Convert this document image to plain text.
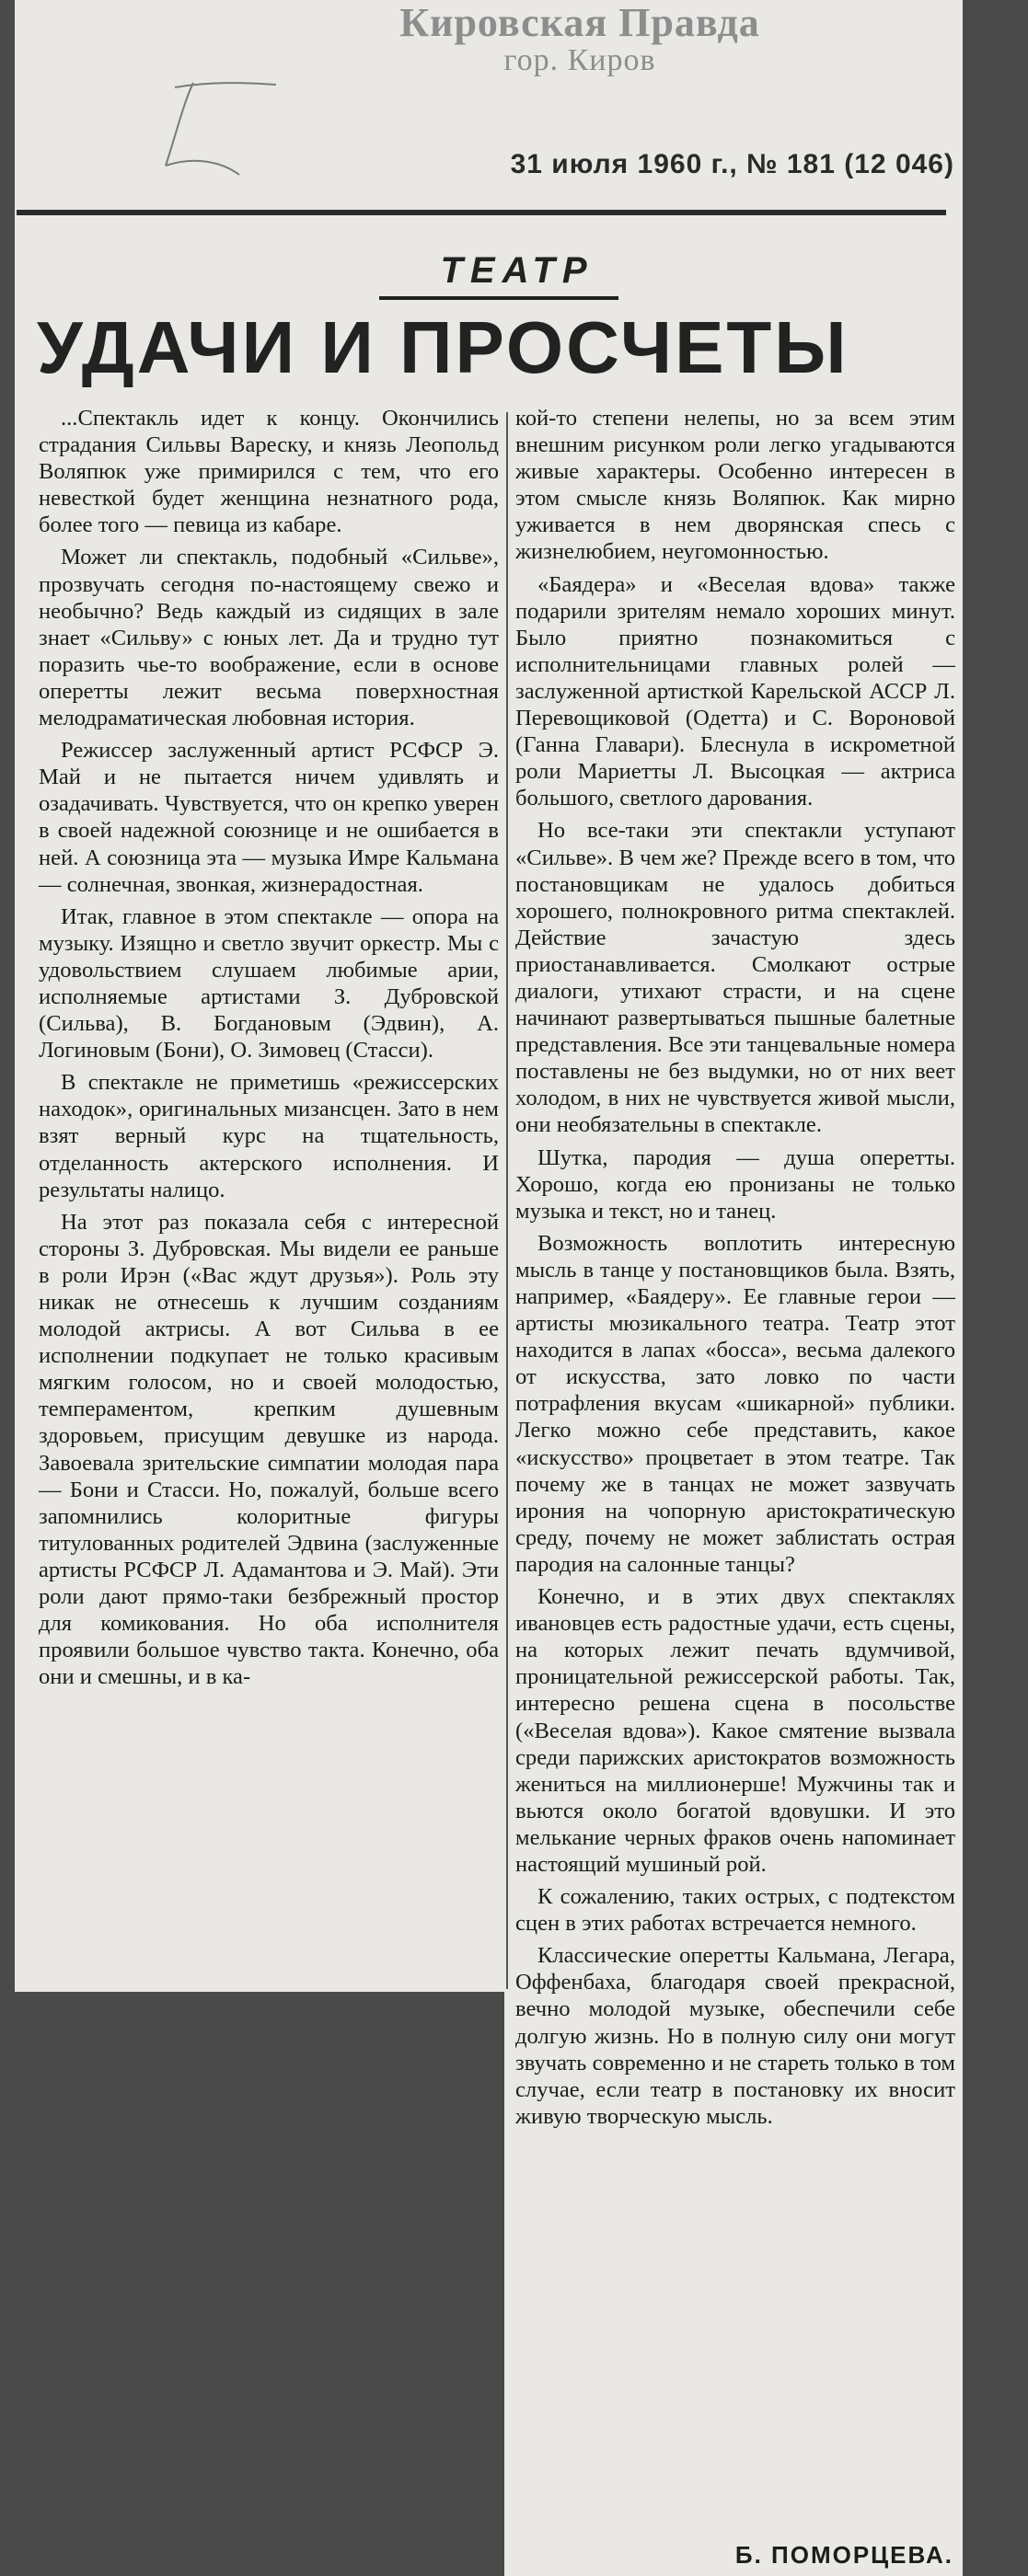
Кировская Правда
гор. Киров
31 июля 1960 г., № 181 (12 046)
ТЕАТР
УДАЧИ И ПРОСЧЕТЫ

...Спектакль идет к концу. Окончились страдания Сильвы Вареску, и князь Леопольд Воляпюк уже примирился с тем, что его невесткой будет женщина незнатного рода, более того — певица из кабаре.

Может ли спектакль, подобный «Сильве», прозвучать сегодня по-настоящему свежо и необычно? Ведь каждый из сидящих в зале знает «Сильву» с юных лет. Да и трудно тут поразить чье-то воображение, если в основе оперетты лежит весьма поверхностная мелодраматическая любовная история.

Режиссер заслуженный артист РСФСР Э. Май и не пытается ничем удивлять и озадачивать. Чувствуется, что он крепко уверен в своей надежной союзнице и не ошибается в ней. А союзница эта — музыка Имре Кальмана — солнечная, звонкая, жизнерадостная.

Итак, главное в этом спектакле — опора на музыку. Изящно и светло звучит оркестр. Мы с удовольствием слушаем любимые арии, исполняемые артистами З. Дубровской (Сильва), В. Богдановым (Эдвин), А. Логиновым (Бони), О. Зимовец (Стасси).

В спектакле не приметишь «режиссерских находок», оригинальных мизансцен. Зато в нем взят верный курс на тщательность, отделанность актерского исполнения. И результаты налицо.

На этот раз показала себя с интересной стороны З. Дубровская. Мы видели ее раньше в роли Ирэн («Вас ждут друзья»). Роль эту никак не отнесешь к лучшим созданиям молодой актрисы. А вот Сильва в ее исполнении подкупает не только красивым мягким голосом, но и своей молодостью, темпераментом, крепким душевным здоровьем, присущим девушке из народа. Завоевала зрительские симпатии молодая пара — Бони и Стасси. Но, пожалуй, больше всего запомнились колоритные фигуры титулованных родителей Эдвина (заслуженные артисты РСФСР Л. Адамантова и Э. Май). Эти роли дают прямо-таки безбрежный простор для комикования. Но оба исполнителя проявили большое чувство такта. Конечно, оба они и смешны, и в ка-

кой-то степени нелепы, но за всем этим внешним рисунком роли легко угадываются живые характеры. Особенно интересен в этом смысле князь Воляпюк. Как мирно уживается в нем дворянская спесь с жизнелюбием, неугомонностью.

«Баядера» и «Веселая вдова» также подарили зрителям немало хороших минут. Было приятно познакомиться с исполнительницами главных ролей — заслуженной артисткой Карельской АССР Л. Перевощиковой (Одетта) и С. Вороновой (Ганна Главари). Блеснула в искрометной роли Мариетты Л. Высоцкая — актриса большого, светлого дарования.

Но все-таки эти спектакли уступают «Сильве». В чем же? Прежде всего в том, что постановщикам не удалось добиться хорошего, полнокровного ритма спектаклей. Действие зачастую здесь приостанавливается. Смолкают острые диалоги, утихают страсти, и на сцене начинают развертываться пышные балетные представления. Все эти танцевальные номера поставлены не без выдумки, но от них веет холодом, в них не чувствуется живой мысли, они необязательны в спектакле.

Шутка, пародия — душа оперетты. Хорошо, когда ею пронизаны не только музыка и текст, но и танец.

Возможность воплотить интересную мысль в танце у постановщиков была. Взять, например, «Баядеру». Ее главные герои — артисты мюзикального театра. Театр этот находится в лапах «босса», весьма далекого от искусства, зато ловко по части потрафления вкусам «шикарной» публики. Легко можно себе представить, какое «искусство» процветает в этом театре. Так почему же в танцах не может зазвучать ирония на чопорную аристократическую среду, почему не может заблистать острая пародия на салонные танцы?

Конечно, и в этих двух спектаклях ивановцев есть радостные удачи, есть сцены, на которых лежит печать вдумчивой, проницательной режиссерской работы. Так, интересно решена сцена в посольстве («Веселая вдова»). Какое смятение вызвала среди парижских аристократов возможность жениться на миллионерше! Мужчины так и вьются около богатой вдовушки. И это мелькание черных фраков очень напоминает настоящий мушиный рой.

К сожалению, таких острых, с подтекстом сцен в этих работах встречается немного.

Классические оперетты Кальмана, Легара, Оффенбаха, благодаря своей прекрасной, вечно молодой музыке, обеспечили себе долгую жизнь. Но в полную силу они могут звучать современно и не стареть только в том случае, если театр в постановку их вносит живую творческую мысль.

Б. ПОМОРЦЕВА.
